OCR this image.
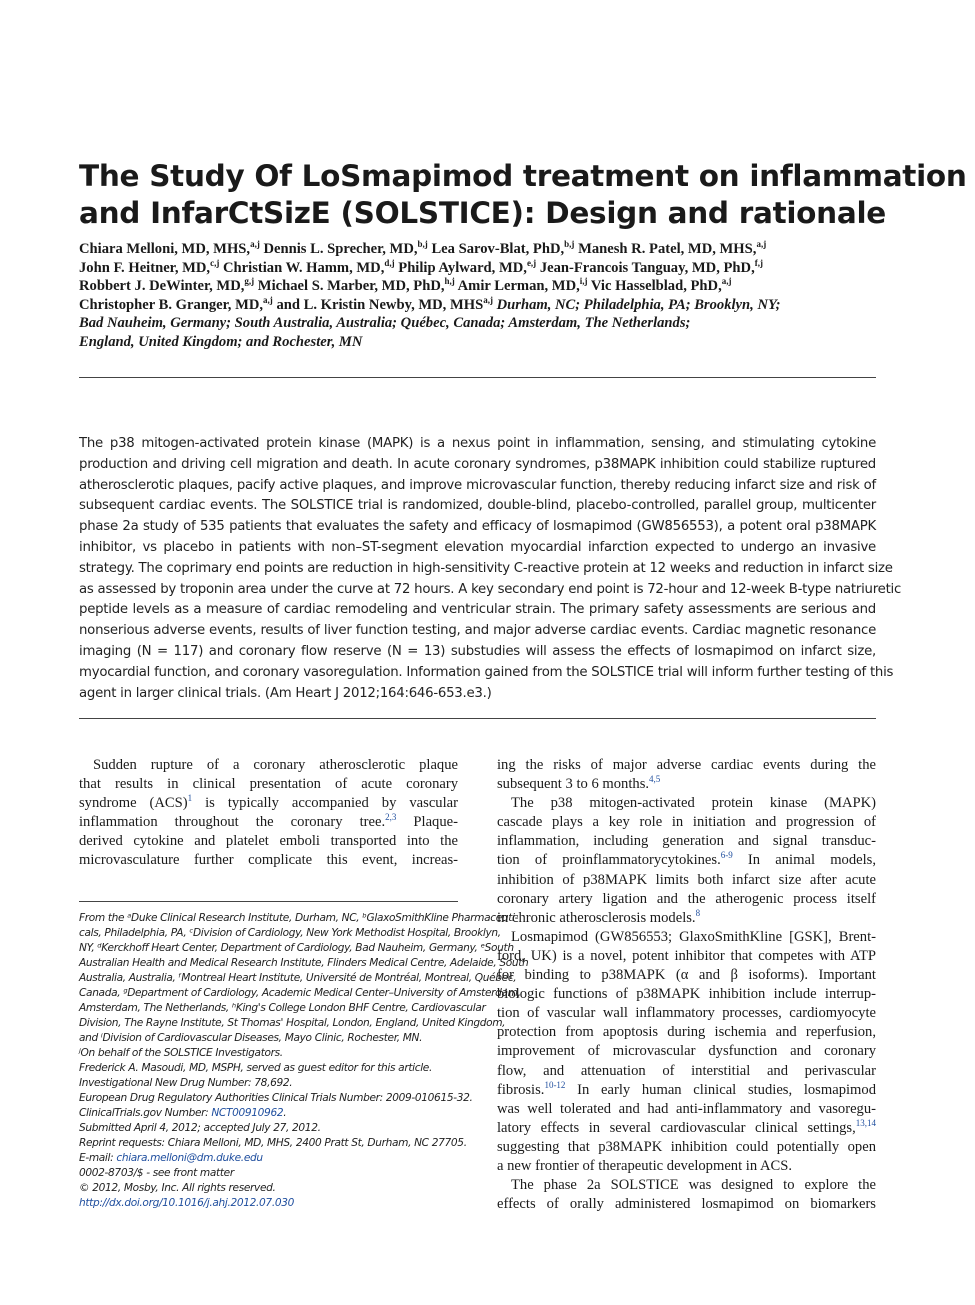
The Study Of LoSmapimod treatment on inflammation
and InfarCtSizE (SOLSTICE): Design and rationale
Chiara Melloni, MD, MHS,$^{a,j}$ Dennis L. Sprecher, MD,$^{b,j}$ Lea Sarov-Blat, PhD,$^{b,j}$ Manesh R. Patel, MD, MHS,$^{a,j}$
John F. Heitner, MD,$^{c,j}$ Christian W. Hamm, MD,$^{d,j}$ Philip Aylward, MD,$^{e,j}$ Jean-Francois Tanguay, MD, PhD,$^{f,j}$
Robbert J. DeWinter, MD,$^{g,j}$ Michael S. Marber, MD, PhD,$^{h,j}$ Amir Lerman, MD,$^{i,j}$ Vic Hasselblad, PhD,$^{a,j}$
Christopher B. Granger, MD,$^{a,j}$ and L. Kristin Newby, MD, MHS$^{a,j}$ Durham, NC; Philadelphia, PA; Brooklyn, NY;
Bad Nauheim, Germany; South Australia, Australia; Québec, Canada; Amsterdam, The Netherlands;
England, United Kingdom; and Rochester, MN
The p38 mitogen-activated protein kinase (MAPK) is a nexus point in inflammation, sensing, and stimulating cytokine
production and driving cell migration and death. In acute coronary syndromes, p38MAPK inhibition could stabilize ruptured
atherosclerotic plaques, pacify active plaques, and improve microvascular function, thereby reducing infarct size and risk of
subsequent cardiac events. The SOLSTICE trial is randomized, double-blind, placebo-controlled, parallel group, multicenter
phase 2a study of 535 patients that evaluates the safety and efficacy of losmapimod (GW856553), a potent oral p38MAPK
inhibitor, vs placebo in patients with non–ST-segment elevation myocardial infarction expected to undergo an invasive
strategy. The coprimary end points are reduction in high-sensitivity C-reactive protein at 12 weeks and reduction in infarct size
as assessed by troponin area under the curve at 72 hours. A key secondary end point is 72-hour and 12-week B-type natriuretic
peptide levels as a measure of cardiac remodeling and ventricular strain. The primary safety assessments are serious and
nonserious adverse events, results of liver function testing, and major adverse cardiac events. Cardiac magnetic resonance
imaging (N = 117) and coronary flow reserve (N = 13) substudies will assess the effects of losmapimod on infarct size,
myocardial function, and coronary vasoregulation. Information gained from the SOLSTICE trial will inform further testing of this
agent in larger clinical trials. (Am Heart J 2012;164:646-653.e3.)
Sudden rupture of a coronary atherosclerotic plaque
that results in clinical presentation of acute coronary
syndrome (ACS)$^1$ is typically accompanied by vascular
inflammation throughout the coronary tree.$^{2,3}$ Plaque-
derived cytokine and platelet emboli transported into the
microvasculature further complicate this event, increas-
From the ᵃDuke Clinical Research Institute, Durham, NC, ᵇGlaxoSmithKline Pharmaceuti-
cals, Philadelphia, PA, ᶜDivision of Cardiology, New York Methodist Hospital, Brooklyn,
NY, ᵈKerckhoff Heart Center, Department of Cardiology, Bad Nauheim, Germany, ᵉSouth
Australian Health and Medical Research Institute, Flinders Medical Centre, Adelaide, South
Australia, Australia, ᶠMontreal Heart Institute, Université de Montréal, Montreal, Québec,
Canada, ᵍDepartment of Cardiology, Academic Medical Center–University of Amsterdam,
Amsterdam, The Netherlands, ʰKing's College London BHF Centre, Cardiovascular
Division, The Rayne Institute, St Thomas' Hospital, London, England, United Kingdom,
and ⁱDivision of Cardiovascular Diseases, Mayo Clinic, Rochester, MN.
ʲOn behalf of the SOLSTICE Investigators.
Frederick A. Masoudi, MD, MSPH, served as guest editor for this article.
Investigational New Drug Number: 78,692.
European Drug Regulatory Authorities Clinical Trials Number: 2009-010615-32.
ClinicalTrials.gov Number: NCT00910962.
Submitted April 4, 2012; accepted July 27, 2012.
Reprint requests: Chiara Melloni, MD, MHS, 2400 Pratt St, Durham, NC 27705.
E-mail: chiara.melloni@dm.duke.edu
0002-8703/$ - see front matter
© 2012, Mosby, Inc. All rights reserved.
http://dx.doi.org/10.1016/j.ahj.2012.07.030
ing the risks of major adverse cardiac events during the
subsequent 3 to 6 months.$^{4,5}$
The p38 mitogen-activated protein kinase (MAPK)
cascade plays a key role in initiation and progression of
inflammation, including generation and signal transduc-
tion of proinflammatorycytokines.$^{6-9}$ In animal models,
inhibition of p38MAPK limits both infarct size after acute
coronary artery ligation and the atherogenic process itself
in chronic atherosclerosis models.$^8$
Losmapimod (GW856553; GlaxoSmithKline [GSK], Brent-
ford, UK) is a novel, potent inhibitor that competes with ATP
for binding to p38MAPK (α and β isoforms). Important
biologic functions of p38MAPK inhibition include interrup-
tion of vascular wall inflammatory processes, cardiomyocyte
protection from apoptosis during ischemia and reperfusion,
improvement of microvascular dysfunction and coronary
flow, and attenuation of interstitial and perivascular
fibrosis.$^{10-12}$ In early human clinical studies, losmapimod
was well tolerated and had anti-inflammatory and vasoregu-
latory effects in several cardiovascular clinical settings,$^{13,14}$
suggesting that p38MAPK inhibition could potentially open
a new frontier of therapeutic development in ACS.
The phase 2a SOLSTICE was designed to explore the
effects of orally administered losmapimod on biomarkers
